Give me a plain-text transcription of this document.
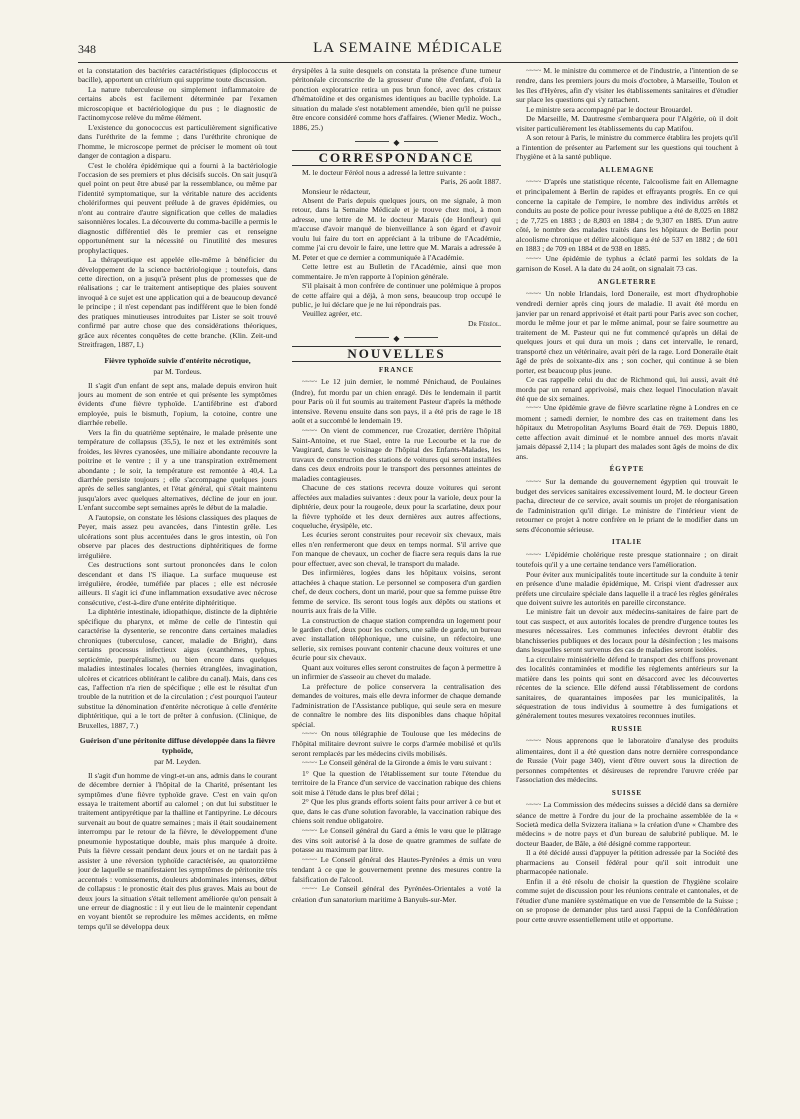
348	LA SEMAINE MÉDICALE

et la constatation des bactéries caractéristiques (diplococcus et bacille), apportent un critérium qui supprime toute discussion.

La nature tuberculeuse ou simplement inflammatoire de certains abcès est facilement déterminée par l'examen microscopique et bactériologique du pus ; le diagnostic de l'actinomycose relève du même élément.

L'existence du gonococcus est particulièrement significative dans l'uréthrite de la femme ; dans l'uréthrite chronique de l'homme, le microscope permet de préciser le moment où tout danger de contagion a disparu.

C'est le choléra épidémique qui a fourni à la bactériologie l'occasion de ses premiers et plus décisifs succès. On sait jusqu'à quel point on peut être abusé par la ressemblance, ou même par l'identité symptomatique, sur la véritable nature des accidents cholériformes qui peuvent prélude à de graves épidémies, ou n'ont au contraire d'autre signification que celles de maladies saisonnières locales. La découverte du comma-bacille a permis le diagnostic différentiel dès le premier cas et renseigne opportunément sur la nécessité ou l'inutilité des mesures prophylactiques.

La thérapeutique est appelée elle-même à bénéficier du développement de la science bactériologique ; toutefois, dans cette direction, on a jusqu'à présent plus de promesses que de réalisations ; car le traitement antiseptique des plaies souvent invoqué à ce sujet est une application qui a de beaucoup devancé le principe ; il n'est cependant pas indifférent que le bien fondé des pratiques minutieuses introduites par Lister se soit trouvé confirmé par autre chose que des considérations théoriques, grâce aux récentes conquêtes de cette branche. (Klin. Zeit-und Streitfragen, 1887, I.)

Fièvre typhoïde suivie d'entérite nécrotique,
par M. Tordeus.

Il s'agit d'un enfant de sept ans, malade depuis environ huit jours au moment de son entrée et qui présente les symptômes évidents d'une fièvre typhoïde. L'antifébrine est d'abord employée, puis le bismuth, l'opium, la cotoine, contre une diarrhée rebelle.

Vers la fin du quatrième septénaire, le malade présente une température de collapsus (35,5), le nez et les extrémités sont froides, les lèvres cyanosées, une miliaire abondante recouvre la poitrine et le ventre ; il y a une transpiration extrêmement abondante ; le soir, la température est remontée à 40,4. La diarrhée persiste toujours ; elle s'accompagne quelques jours après de selles sanglantes, et l'état général, qui s'était maintenu jusqu'alors avec quelques alternatives, décline de jour en jour. L'enfant succombe sept semaines après le début de la maladie.

A l'autopsie, on constate les lésions classiques des plaques de Peyer, mais assez peu avancées, dans l'intestin grêle. Les ulcérations sont plus accentuées dans le gros intestin, où l'on observe par places des destructions diphtéritiques de forme irrégulière.

Ces destructions sont surtout prononcées dans le colon descendant et dans l'S iliaque. La surface muqueuse est irrégulière, érodée, tuméfiée par places ; elle est nécrosée ailleurs. Il s'agit ici d'une inflammation exsudative avec nécrose consécutive, c'est-à-dire d'une entérite diphtéritique.

La diphtérie intestinale, idiopathique, distincte de la diphtérie spécifique du pharynx, et même de celle de l'intestin qui caractérise la dysenterie, se rencontre dans certaines maladies chroniques (tuberculose, cancer, maladie de Bright), dans certains processus infectieux aigus (exanthèmes, typhus, septicémie, puerpéralisme), ou bien encore dans quelques maladies intestinales locales (hernies étranglées, invagination, ulcères et cicatrices oblitérant le calibre du canal). Mais, dans ces cas, l'affection n'a rien de spécifique ; elle est le résultat d'un trouble de la nutrition et de la circulation ; c'est pourquoi l'auteur substitue la dénomination d'entérite nécrotique à celle d'entérite diphtéritique, qui a le tort de prêter à confusion. (Clinique, de Bruxelles, 1887, 7.)

Guérison d'une péritonite diffuse développée dans la fièvre typhoïde,
par M. Leyden.

Il s'agit d'un homme de vingt-et-un ans, admis dans le courant de décembre dernier à l'hôpital de la Charité, présentant les symptômes d'une fièvre typhoïde grave. C'est en vain qu'on essaya le traitement abortif au calomel ; on dut lui substituer le traitement antipyrétique par la thalline et l'antipyrine. Le décours survenait au bout de quatre semaines ; mais il était soudainement interrompu par le retour de la fièvre, le développement d'une pneumonie hypostatique double, mais plus marquée à droite. Puis la fièvre cessait pendant deux jours et on ne tardait pas à assister à une réversion typhoïde caractérisée, au quatorzième jour de laquelle se manifestaient les symptômes de péritonite très accentués : vomissements, douleurs abdominales intenses, début de collapsus : le pronostic était des plus graves. Mais au bout de deux jours la situation s'était tellement améliorée qu'on pensait à une erreur de diagnostic : il y eut lieu de le maintenir cependant en voyant bientôt se reproduire les mêmes accidents, en même temps qu'il se développa deux

érysipèles à la suite desquels on constata la présence d'une tumeur péritonéale circonscrite de la grosseur d'une tête d'enfant, d'où la ponction exploratrice retira un pus brun foncé, avec des cristaux d'hématoïdine et des organismes identiques au bacille typhoïde. La situation du malade s'est notablement amendée, bien qu'il ne puisse être encore considéré comme hors d'affaires. (Wiener Mediz. Woch., 1886, 25.)

◆
CORRESPONDANCE

M. le docteur Féréol nous a adressé la lettre suivante :

Paris, 26 août 1887.

Monsieur le rédacteur,

Absent de Paris depuis quelques jours, on me signale, à mon retour, dans la Semaine Médicale et je trouve chez moi, à mon adresse, une lettre de M. le docteur Marais (de Honfleur) qui m'accuse d'avoir manqué de bienveillance à son égard et d'avoir voulu lui faire du tort en appréciant à la tribune de l'Académie, comme j'ai cru devoir le faire, une lettre que M. Marais a adressée à M. Peter et que ce dernier a communiquée à l'Académie.

Cette lettre est au Bulletin de l'Académie, ainsi que mon commentaire. Je m'en rapporte à l'opinion générale.

S'il plaisait à mon confrère de continuer une polémique à propos de cette affaire qui a déjà, à mon sens, beaucoup trop occupé le public, je lui déclare que je ne lui répondrais pas.

Veuillez agréer, etc.

Dr Féréol.

◆
NOUVELLES
FRANCE

~~~~ Le 12 juin dernier, le nommé Pénichaud, de Poulaines (Indre), fut mordu par un chien enragé. Dès le lendemain il partit pour Paris où il fut soumis au traitement Pasteur d'après la méthode intensive. Revenu ensuite dans son pays, il a été pris de rage le 18 août et a succombé le lendemain 19.

~~~~ On vient de commencer, rue Crozatier, derrière l'hôpital Saint-Antoine, et rue Stael, entre la rue Lecourbe et la rue de Vaugirard, dans le voisinage de l'hôpital des Enfants-Malades, les travaux de construction des stations de voitures qui seront installées dans ces deux endroits pour le transport des personnes atteintes de maladies contagieuses.

Chacune de ces stations recevra douze voitures qui seront affectées aux maladies suivantes : deux pour la variole, deux pour la diphtérie, deux pour la rougeole, deux pour la scarlatine, deux pour la fièvre typhoïde et les deux dernières aux autres affections, coqueluche, érysipèle, etc.

Les écuries seront construites pour recevoir six chevaux, mais elles n'en renfermeront que deux en temps normal. S'il arrive que l'on manque de chevaux, un cocher de fiacre sera requis dans la rue pour effectuer, avec son cheval, le transport du malade.

Des infirmières, logées dans les hôpitaux voisins, seront attachées à chaque station. Le personnel se composera d'un gardien chef, de deux cochers, dont un marié, pour que sa femme puisse être femme de service. Ils seront tous logés aux dépôts ou stations et nourris aux frais de la Ville.

La construction de chaque station comprendra un logement pour le gardien chef, deux pour les cochers, une salle de garde, un bureau avec installation téléphonique, une cuisine, un réfectoire, une sellerie, six remises pouvant contenir chacune deux voitures et une écurie pour six chevaux.

Quant aux voitures elles seront construites de façon à permettre à un infirmier de s'asseoir au chevet du malade.

La préfecture de police conservera la centralisation des demandes de voitures, mais elle devra informer de chaque demande l'administration de l'Assistance publique, qui seule sera en mesure de connaître le nombre des lits disponibles dans chaque hôpital spécial.

~~~~ On nous télégraphie de Toulouse que les médecins de l'hôpital militaire devront suivre le corps d'armée mobilisé et qu'ils seront remplacés par les médecins civils mobilisés.

~~~~ Le Conseil général de la Gironde a émis le vœu suivant :

1° Que la question de l'établissement sur toute l'étendue du territoire de la France d'un service de vaccination rabique des chiens soit mise à l'étude dans le plus bref délai ;

2° Que les plus grands efforts soient faits pour arriver à ce but et que, dans le cas d'une solution favorable, la vaccination rabique des chiens soit rendue obligatoire.

~~~~ Le Conseil général du Gard a émis le vœu que le plâtrage des vins soit autorisé à la dose de quatre grammes de sulfate de potasse au maximum par litre.

~~~~ Le Conseil général des Hautes-Pyrénées a émis un vœu tendant à ce que le gouvernement prenne des mesures contre la falsification de l'alcool.

~~~~ Le Conseil général des Pyrénées-Orientales a voté la création d'un sanatorium maritime à Banyuls-sur-Mer.

~~~~ M. le ministre du commerce et de l'industrie, a l'intention de se rendre, dans les premiers jours du mois d'octobre, à Marseille, Toulon et les îles d'Hyères, afin d'y visiter les établissements sanitaires et d'étudier sur place les questions qui s'y rattachent.

Le ministre sera accompagné par le docteur Brouardel.

De Marseille, M. Dautresme s'embarquera pour l'Algérie, où il doit visiter particulièrement les établissements du cap Matifou.

A son retour à Paris, le ministre du commerce établira les projets qu'il a l'intention de présenter au Parlement sur les questions qui touchent à l'hygiène et à la santé publique.

ALLEMAGNE

~~~~ D'après une statistique récente, l'alcoolisme fait en Allemagne et principalement à Berlin de rapides et effrayants progrès. En ce qui concerne la capitale de l'empire, le nombre des individus arrêtés et conduits au poste de police pour ivresse publique a été de 8,025 en 1882 ; de 7,725 en 1883 ; de 8,803 en 1884 ; de 9,307 en 1885. D'un autre côté, le nombre des malades traités dans les hôpitaux de Berlin pour alcoolisme chronique et délire alcoolique a été de 537 en 1882 ; de 601 en 1883 ; de 709 en 1884 et de 938 en 1885.

~~~~ Une épidémie de typhus a éclaté parmi les soldats de la garnison de Kosel. A la date du 24 août, on signalait 73 cas.

ANGLETERRE

~~~~ Un noble Irlandais, lord Doneraile, est mort d'hydrophobie vendredi dernier après cinq jours de maladie. Il avait été mordu en janvier par un renard apprivoisé et était parti pour Paris avec son cocher, mordu le même jour et par le même animal, pour se faire soumettre au traitement de M. Pasteur qui ne fut commencé qu'après un délai de quelques jours et qui dura un mois ; dans cet intervalle, le renard, transporté chez un vétérinaire, avait péri de la rage. Lord Doneraile était âgé de près de soixante-dix ans ; son cocher, qui continue à se bien porter, est beaucoup plus jeune.

Ce cas rappelle celui du duc de Richmond qui, lui aussi, avait été mordu par un renard apprivoisé, mais chez lequel l'inoculation n'avait été que de six semaines.

~~~~ Une épidémie grave de fièvre scarlatine règne à Londres en ce moment ; samedi dernier, le nombre des cas en traitement dans les hôpitaux du Metropolitan Asylums Board était de 769. Depuis 1880, cette affection avait diminué et le nombre annuel des morts n'avait jamais dépassé 2,114 ; la plupart des malades sont âgés de moins de dix ans.

ÉGYPTE

~~~~ Sur la demande du gouvernement égyptien qui trouvait le budget des services sanitaires excessivement lourd, M. le docteur Green pacha, directeur de ce service, avait soumis un projet de réorganisation de l'administration qu'il dirige. Le ministre de l'intérieur vient de retourner ce projet à notre confrère en le priant de le modifier dans un sens d'économie sérieuse.

ITALIE

~~~~ L'épidémie cholérique reste presque stationnaire ; on dirait toutefois qu'il y a une certaine tendance vers l'amélioration.

Pour éviter aux municipalités toute incertitude sur la conduite à tenir en présence d'une maladie épidémique, M. Crispi vient d'adresser aux préfets une circulaire spéciale dans laquelle il a tracé les règles générales que doivent suivre les autorités en pareille circonstance.

Le ministre fait un devoir aux médecins-sanitaires de faire part de tout cas suspect, et aux autorités locales de prendre d'urgence toutes les mesures nécessaires. Les communes infectées devront établir des blanchisseries publiques et des locaux pour la désinfection ; les maisons dans lesquelles seront survenus des cas de maladies seront isolées.

La circulaire ministérielle défend le transport des chiffons provenant des localités contaminées et modifie les règlements antérieurs sur la matière dans les points qui sont en désaccord avec les découvertes récentes de la science. Elle défend aussi l'établissement de cordons sanitaires, de quarantaines imposées par les municipalités, la séquestration de tous individus à soumettre à des fumigations et généralement toutes mesures vexatoires reconnues inutiles.

RUSSIE

~~~~ Nous apprenons que le laboratoire d'analyse des produits alimentaires, dont il a été question dans notre dernière correspondance de Russie (Voir page 340), vient d'être ouvert sous la direction de personnes compétentes et désireuses de reprendre l'œuvre créée par l'association des médecins.

SUISSE

~~~~ La Commission des médecins suisses a décidé dans sa dernière séance de mettre à l'ordre du jour de la prochaine assemblée de la « Società medica della Svizzera italiana » la création d'une « Chambre des médecins » de notre pays et d'un bureau de salubrité publique. M. le docteur Baader, de Bâle, a été désigné comme rapporteur.

Il a été décidé aussi d'appuyer la pétition adressée par la Société des pharmaciens au Conseil fédéral pour qu'il soit introduit une pharmacopée nationale.

Enfin il a été résolu de choisir la question de l'hygiène scolaire comme sujet de discussion pour les réunions centrale et cantonales, et de l'étudier d'une manière systématique en vue de l'ensemble de la Suisse ; on se propose de demander plus tard aussi l'appui de la Confédération pour cette œuvre essentiellement utile et opportune.
